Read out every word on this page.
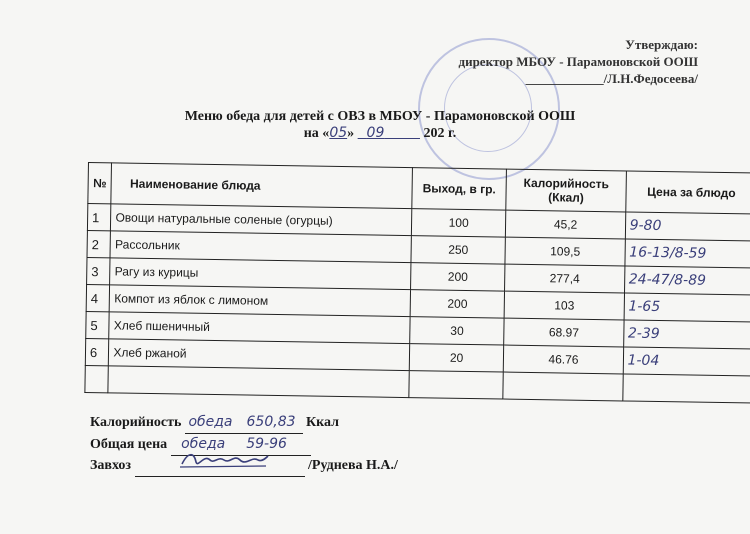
Утверждаю:
директор МБОУ - Парамоновской ООШ
____________/Л.Н.Федосеева/
Меню обеда для детей с ОВЗ в МБОУ - Парамоновской ООШ
на «05»   09	202 г.
№	Наименование блюда	Выход, в гр.	Калорийность (Ккал)	Цена за блюдо
1	Овощи натуральные соленые (огурцы)	100	45,2	9-80
2	Рассольник	250	109,5	16-13/8-59
3	Рагу из курицы	200	277,4	24-47/8-89
4	Компот из яблок с лимоном	200	103	1-65
5	Хлеб пшеничный	30	68.97	2-39
6	Хлеб ржаной	20	46.76	1-04

Калорийность обеда 650,83 Ккал
Общая цена обеда 59-96
Завхоз	/Руднева Н.А./
